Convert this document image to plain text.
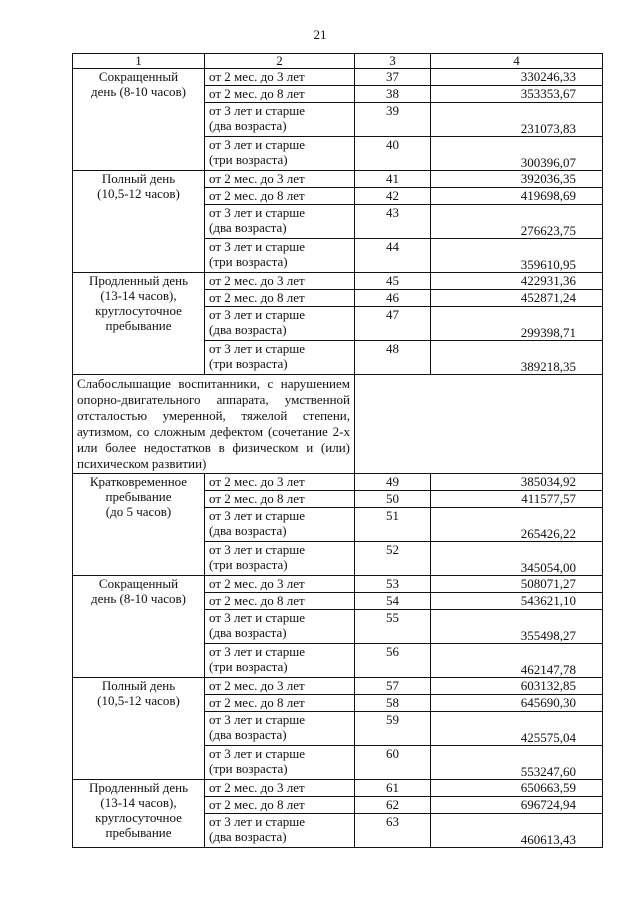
21
1	2	3	4

Сокращенный
день (8-10 часов)	от 2 мес. до 3 лет	37	330246,33

	от 2 мес. до 8 лет	38	353353,67

	от 3 лет и старше
(два возраста)	39	231073,83

	от 3 лет и старше
(три возраста)	40	300396,07

Полный день
(10,5-12 часов)	от 2 мес. до 3 лет	41	392036,35

	от 2 мес. до 8 лет	42	419698,69

	от 3 лет и старше
(два возраста)	43	276623,75

	от 3 лет и старше
(три возраста)	44	359610,95

Продленный день
(13-14 часов),
круглосуточное
пребывание	от 2 мес. до 3 лет	45	422931,36

	от 2 мес. до 8 лет	46	452871,24

	от 3 лет и старше
(два возраста)	47	299398,71

	от 3 лет и старше
(три возраста)	48	389218,35
Слабослышащие воспитанники, с нарушением опорно-двигательного аппарата, умственной отсталостью умеренной, тяжелой степени, аутизмом, со сложным дефектом (сочетание 2-х или более недостатков в физическом и (или) психическом развитии)			

Кратковременное
пребывание
(до 5 часов)	от 2 мес. до 3 лет	49	385034,92

	от 2 мес. до 8 лет	50	411577,57

	от 3 лет и старше
(два возраста)	51	265426,22

	от 3 лет и старше
(три возраста)	52	345054,00

Сокращенный
день (8-10 часов)	от 2 мес. до 3 лет	53	508071,27

	от 2 мес. до 8 лет	54	543621,10

	от 3 лет и старше
(два возраста)	55	355498,27

	от 3 лет и старше
(три возраста)	56	462147,78

Полный день
(10,5-12 часов)	от 2 мес. до 3 лет	57	603132,85

	от 2 мес. до 8 лет	58	645690,30

	от 3 лет и старше
(два возраста)	59	425575,04

	от 3 лет и старше
(три возраста)	60	553247,60

Продленный день
(13-14 часов),
круглосуточное
пребывание	от 2 мес. до 3 лет	61	650663,59

	от 2 мес. до 8 лет	62	696724,94

	от 3 лет и старше
(два возраста)	63	460613,43
